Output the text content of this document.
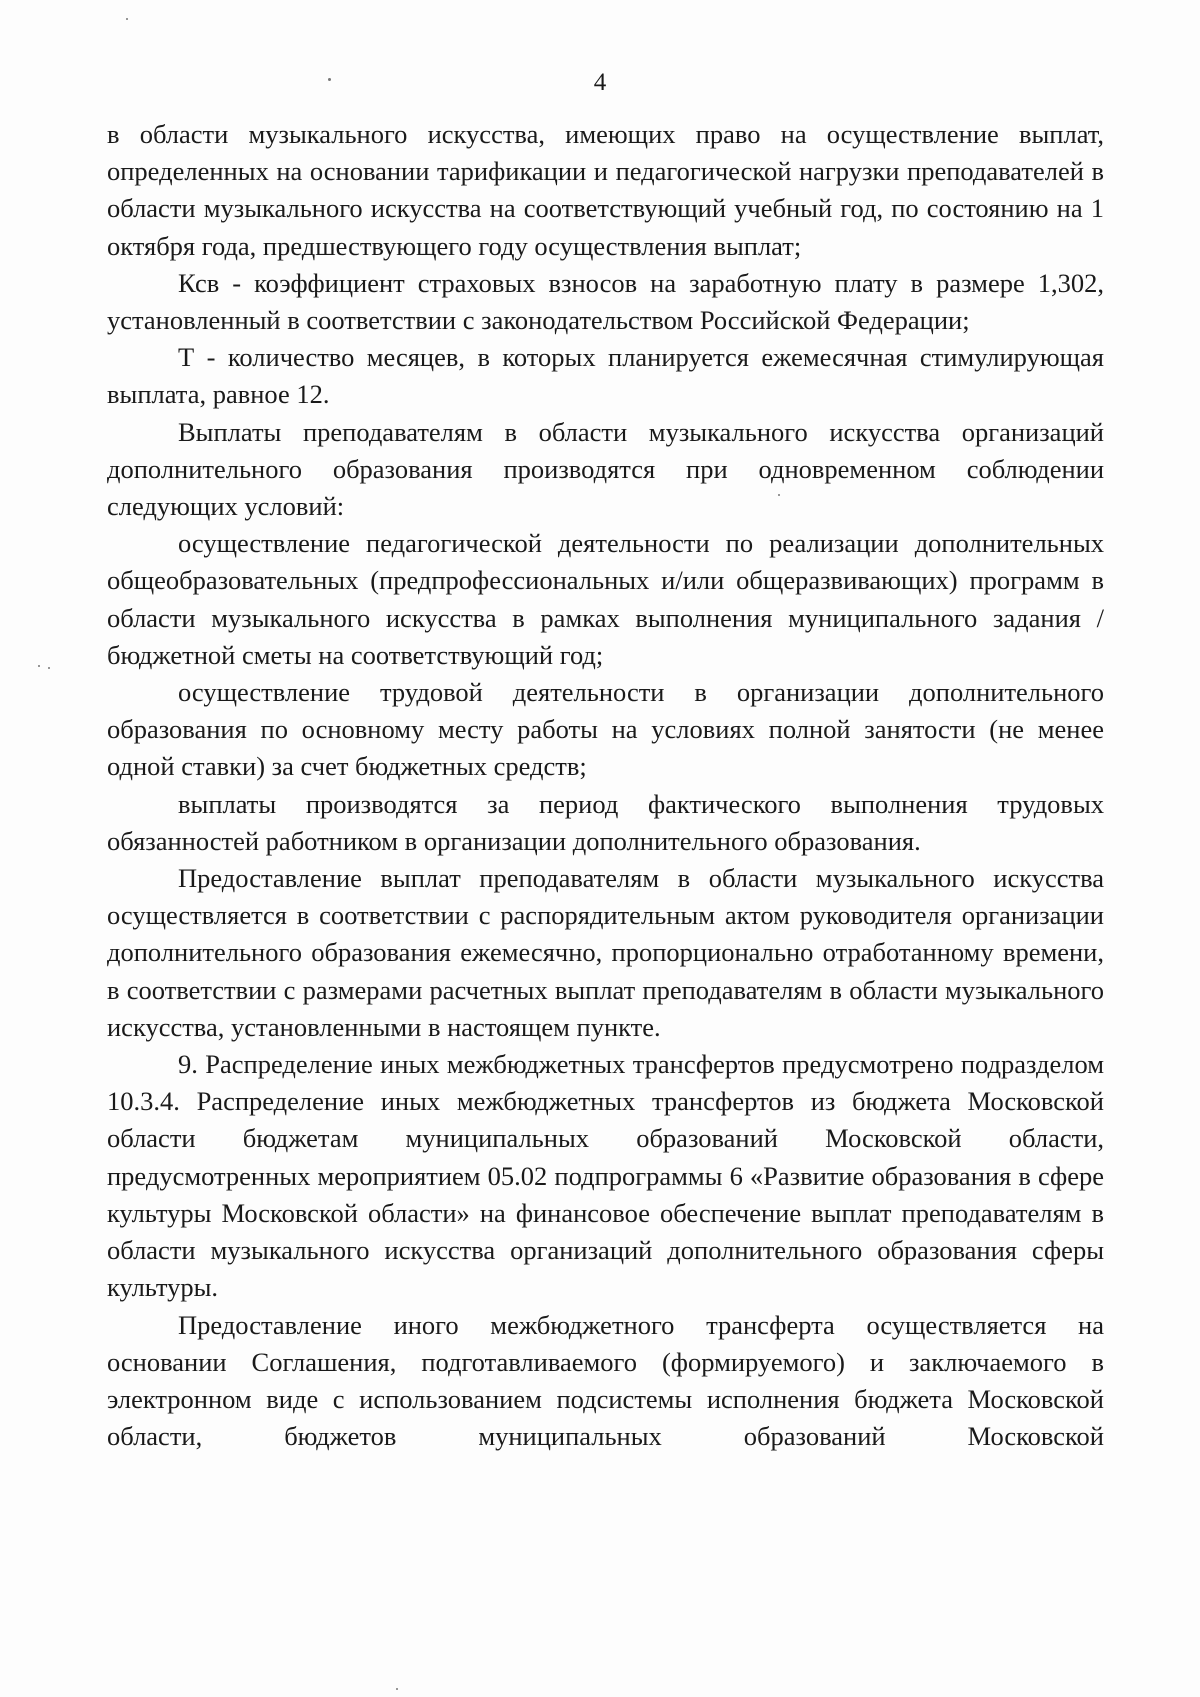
4

в области музыкального искусства, имеющих право на осуществление выплат, определенных на основании тарификации и педагогической нагрузки преподавателей в области музыкального искусства на соответствующий учебный год, по состоянию на 1 октября года, предшествующего году осуществления выплат;

Ксв - коэффициент страховых взносов на заработную плату в размере 1,302, установленный в соответствии с законодательством Российской Федерации;

Т - количество месяцев, в которых планируется ежемесячная стимулирующая выплата, равное 12.

Выплаты преподавателям в области музыкального искусства организаций дополнительного образования производятся при одновременном соблюдении следующих условий:

осуществление педагогической деятельности по реализации дополнительных общеобразовательных (предпрофессиональных и/или общеразвивающих) программ в области музыкального искусства в рамках выполнения муниципального задания / бюджетной сметы на соответствующий год;

осуществление трудовой деятельности в организации дополнительного образования по основному месту работы на условиях полной занятости (не менее одной ставки) за счет бюджетных средств;

выплаты производятся за период фактического выполнения трудовых обязанностей работником в организации дополнительного образования.

Предоставление выплат преподавателям в области музыкального искусства осуществляется в соответствии с распорядительным актом руководителя организации дополнительного образования ежемесячно, пропорционально отработанному времени, в соответствии с размерами расчетных выплат преподавателям в области музыкального искусства, установленными в настоящем пункте.

9. Распределение иных межбюджетных трансфертов предусмотрено подразделом 10.3.4. Распределение иных межбюджетных трансфертов из бюджета Московской области бюджетам муниципальных образований Московской области, предусмотренных мероприятием 05.02 подпрограммы 6 «Развитие образования в сфере культуры Московской области» на финансовое обеспечение выплат преподавателям в области музыкального искусства организаций дополнительного образования сферы культуры.

Предоставление иного межбюджетного трансферта осуществляется на основании Соглашения, подготавливаемого (формируемого) и заключаемого в электронном виде с использованием подсистемы исполнения бюджета Московской области, бюджетов муниципальных образований Московской
